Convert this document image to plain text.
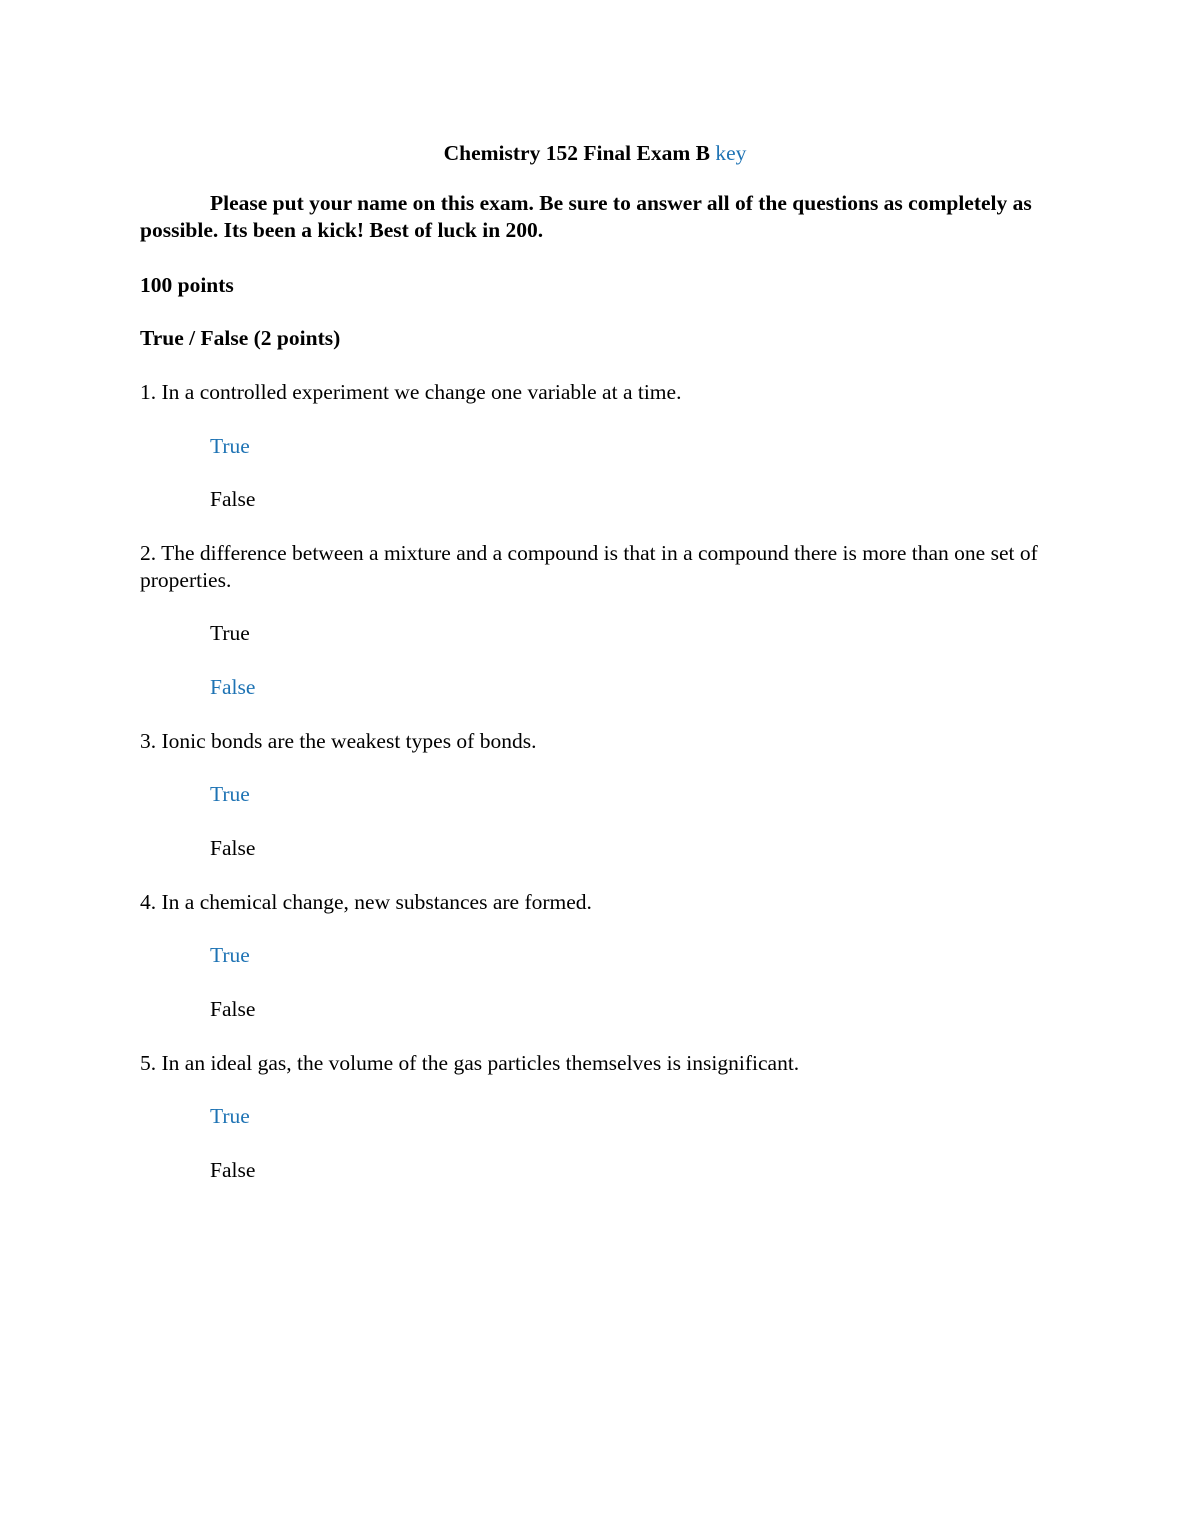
Chemistry 152 Final Exam B key
Please put your name on this exam. Be sure to answer all of the questions as completely as possible. Its been a kick! Best of luck in 200.
100 points
True / False (2 points)
1. In a controlled experiment we change one variable at a time.
True
False
2. The difference between a mixture and a compound is that in a compound there is more than one set of properties.
True
False
3. Ionic bonds are the weakest types of bonds.
True
False
4. In a chemical change, new substances are formed.
True
False
5. In an ideal gas, the volume of the gas particles themselves is insignificant.
True
False
